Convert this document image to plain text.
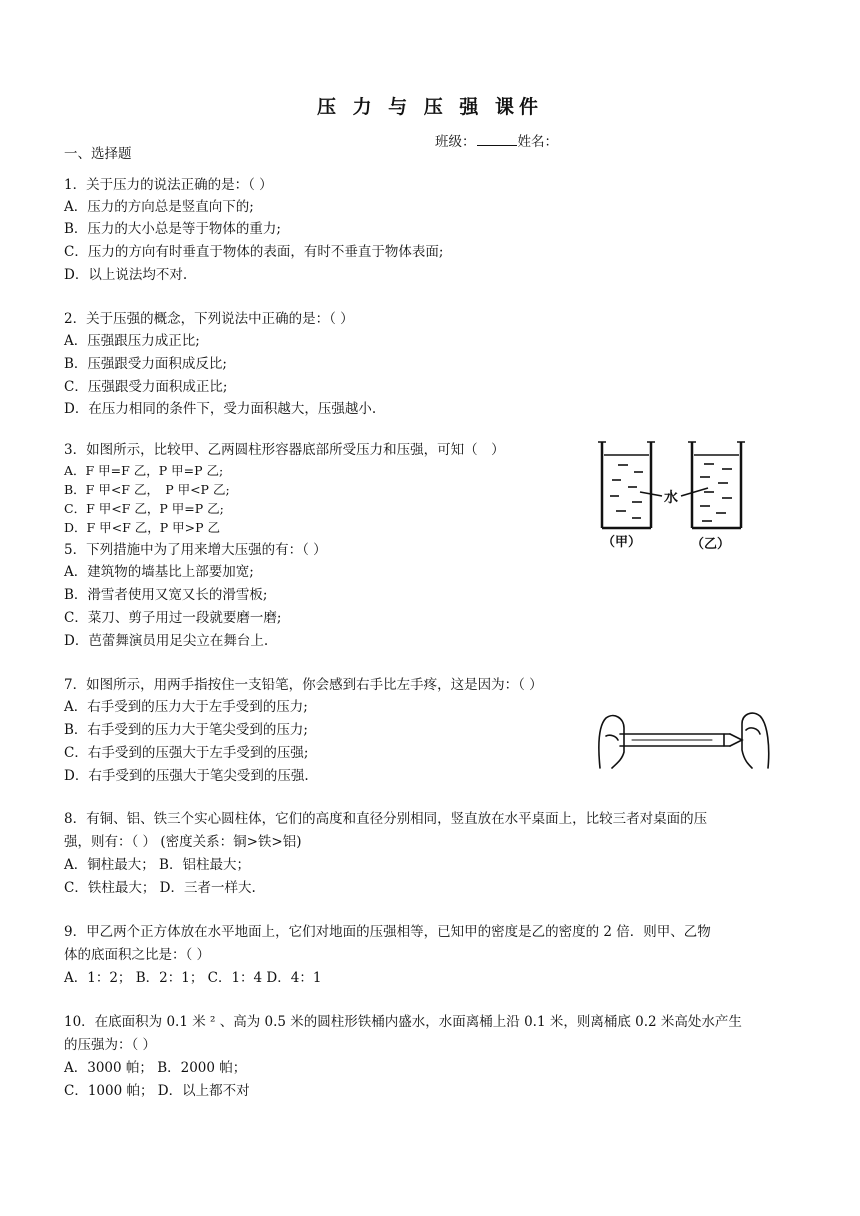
压 力 与 压 强 课件
班级：	姓名：
一、选择题
1．关于压力的说法正确的是：（ ）
A．压力的方向总是竖直向下的;
B．压力的大小总是等于物体的重力;
C．压力的方向有时垂直于物体的表面，有时不垂直于物体表面;
D．以上说法均不对.
2．关于压强的概念，下列说法中正确的是：（ ）
A．压强跟压力成正比;
B．压强跟受力面积成反比;
C．压强跟受力面积成正比;
D．在压力相同的条件下，受力面积越大，压强越小.
3．如图所示，比较甲、乙两圆柱形容器底部所受压力和压强，可知（　）
A．F 甲=F 乙，P 甲=P 乙;
B．F 甲<F 乙，　P 甲<P 乙;
C．F 甲<F 乙，P 甲=P 乙;
D．F 甲<F 乙，P 甲>P 乙
5．下列措施中为了用来增大压强的有：（ ）
A．建筑物的墙基比上部要加宽;
B．滑雪者使用又宽又长的滑雪板;
C．菜刀、剪子用过一段就要磨一磨;
D．芭蕾舞演员用足尖立在舞台上.
7．如图所示，用两手指按住一支铅笔，你会感到右手比左手疼，这是因为：（ ）
A．右手受到的压力大于左手受到的压力;
B．右手受到的压力大于笔尖受到的压力;
C．右手受到的压强大于左手受到的压强;
D．右手受到的压强大于笔尖受到的压强.
8．有铜、铝、铁三个实心圆柱体，它们的高度和直径分别相同，竖直放在水平桌面上，比较三者对桌面的压
强，则有：（ ） (密度关系：铜>铁>铝)
A．铜柱最大； B．铝柱最大；
C．铁柱最大； D．三者一样大.
9．甲乙两个正方体放在水平地面上，它们对地面的压强相等，已知甲的密度是乙的密度的 2 倍．则甲、乙物
体的底面积之比是：（ ）
A．1：2； B．2：1； C．1：4 D．4：1
10．在底面积为 0.1 米 ² 、高为 0.5 米的圆柱形铁桶内盛水，水面离桶上沿 0.1 米，则离桶底 0.2 米高处水产生
的压强为：（ ）
A．3000 帕； B．2000 帕；
C．1000 帕； D．以上都不对
水
（甲）	（乙）
